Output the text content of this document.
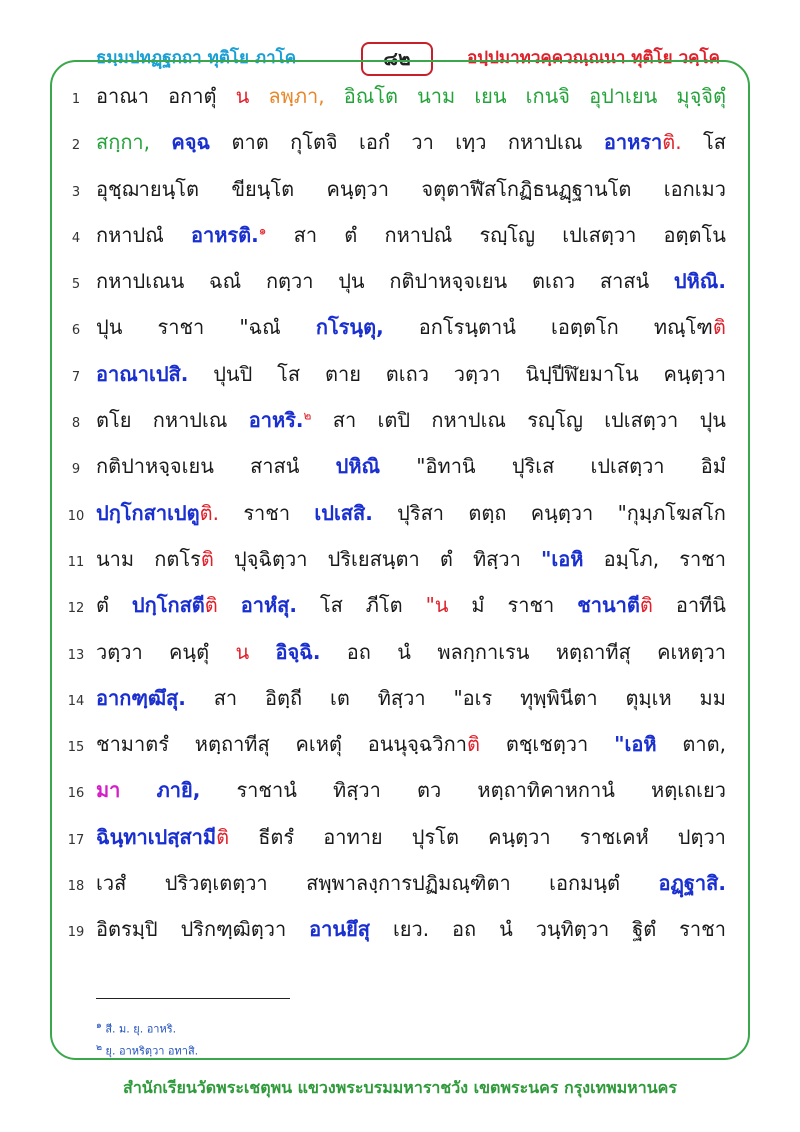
ธมฺมปทฏฺฐกถา ทุติโย ภาโค	๘๒	อปฺปมาทวคฺควณฺณนา ทุติโย วคฺโค
1 อาณา อกาตุํ น ลพฺภา, อิณโต นาม เยน เกนจิ อุปาเยน มุจฺจิตุํ
2 สกฺกา, คจฺฉ ตาต กุโตจิ เอกํ วา เทฺว กหาปเณ อาหราติ. โส
3 อุชฺฌายนฺโต ขียนฺโต คนฺตฺวา จตุตาฬีสโกฏิธนฏฺฐานโต เอกเมว
4 กหาปณํ อาหรติ.$^๑$ สา ตํ กหาปณํ รญฺโญ เปเสตฺวา อตฺตโน
5 กหาปเณน ฉณํ กตฺวา ปุน กติปาหจฺจเยน ตเถว สาสนํ ปหิณิ.
6 ปุน ราชา "ฉณํ กโรนฺตุ, อกโรนฺตานํ เอตฺตโก ทณฺโฑติ
7 อาณาเปสิ. ปุนปิ โส ตาย ตเถว วตฺวา นิปฺปีฬิยมาโน คนฺตฺวา
8 ตโย กหาปเณ อาหริ.$^๒$ สา เตปิ กหาปเณ รญฺโญ เปเสตฺวา ปุน
9 กติปาหจฺจเยน สาสนํ ปหิณิ "อิทานิ ปุริเส เปเสตฺวา อิมํ
10 ปกฺโกสาเปตูติ. ราชา เปเสสิ. ปุริสา ตตฺถ คนฺตฺวา "กุมฺภโฆสโก
11 นาม กตโรติ ปุจฺฉิตฺวา ปริเยสนฺตา ตํ ทิสฺวา "เอหิ อมฺโภ, ราชา
12 ตํ ปกฺโกสตีติ อาหํสุ. โส ภีโต "น มํ ราชา ชานาตีติ อาทีนิ
13 วตฺวา คนฺตุํ น อิจฺฉิ. อถ นํ พลกฺกาเรน หตฺถาทีสุ คเหตฺวา
14 อากฑฺฒึสุ. สา อิตฺถี เต ทิสฺวา "อเร ทุพฺพินีตา ตุมฺเห มม
15 ชามาตรํ หตฺถาทีสุ คเหตุํ อนนุจฺฉวิกาติ ตชฺเชตฺวา "เอหิ ตาต,
16 มา ภายิ, ราชานํ ทิสฺวา ตว หตฺถาทิคาหกานํ หตฺเถเยว
17 ฉินฺทาเปสฺสามีติ ธีตรํ อาทาย ปุรโต คนฺตฺวา ราชเคหํ ปตฺวา
18 เวสํ ปริวตฺเตตฺวา สพฺพาลงฺการปฏิมณฺฑิตา เอกมนฺตํ อฏฺฐาสิ.
19 อิตรมฺปิ ปริกฑฺฒิตฺวา อานยึสุ เยว. อถ นํ วนฺทิตฺวา ฐิตํ ราชา
$^๑$ สี. ม. ยุ. อาหริ.
$^๒$ ยุ. อาหริตฺวา อทาสิ.
สำนักเรียนวัดพระเชตุพน แขวงพระบรมมหาราชวัง เขตพระนคร กรุงเทพมหานคร
